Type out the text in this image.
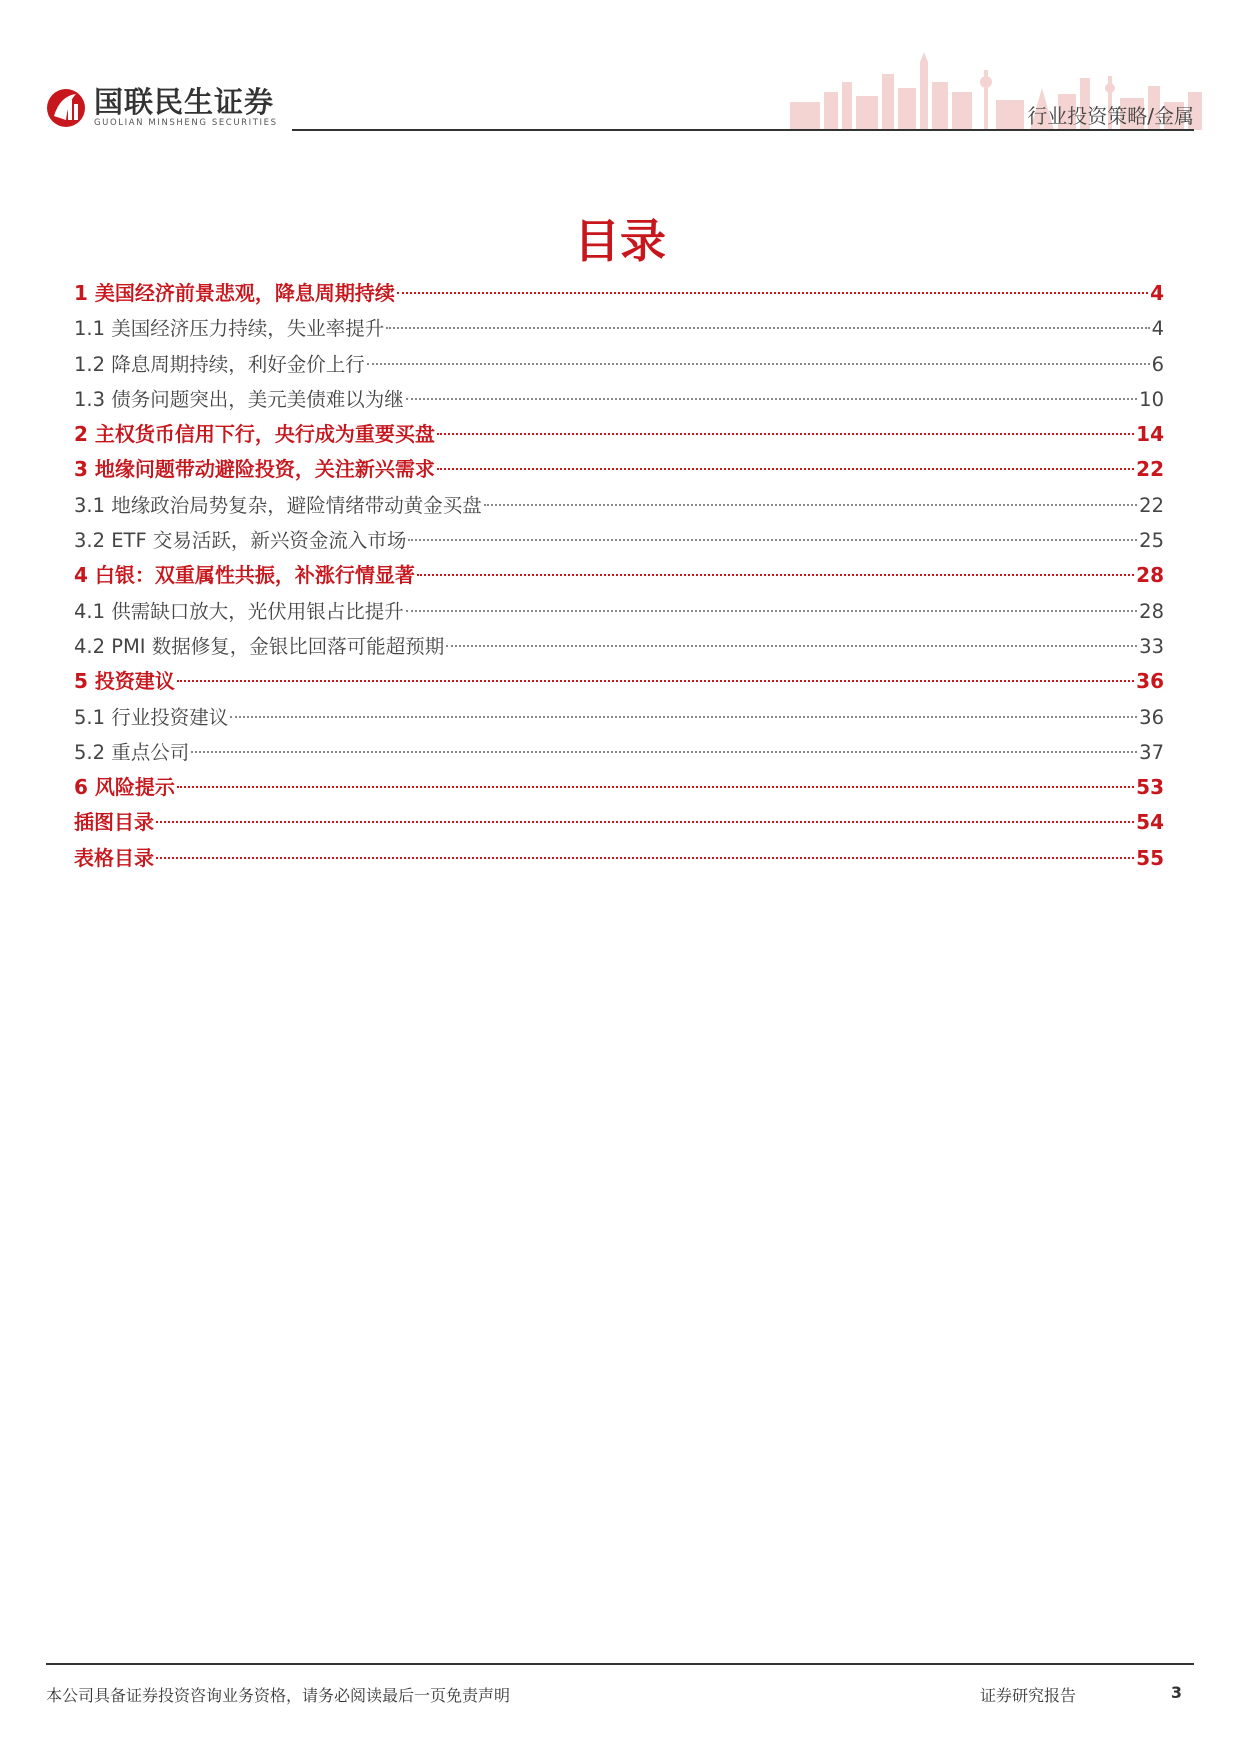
国联民生证券
GUOLIAN MINSHENG SECURITIES	行业投资策略/金属
目录
1 美国经济前景悲观，降息周期持续	4
1.1 美国经济压力持续，失业率提升	4
1.2 降息周期持续，利好金价上行	6
1.3 债务问题突出，美元美债难以为继	10
2 主权货币信用下行，央行成为重要买盘	14
3 地缘问题带动避险投资，关注新兴需求	22
3.1 地缘政治局势复杂，避险情绪带动黄金买盘	22
3.2 ETF 交易活跃，新兴资金流入市场	25
4 白银：双重属性共振，补涨行情显著	28
4.1 供需缺口放大，光伏用银占比提升	28
4.2 PMI 数据修复，金银比回落可能超预期	33
5 投资建议	36
5.1 行业投资建议	36
5.2 重点公司	37
6 风险提示	53
插图目录	54
表格目录	55
本公司具备证券投资咨询业务资格，请务必阅读最后一页免责声明	证券研究报告	3
